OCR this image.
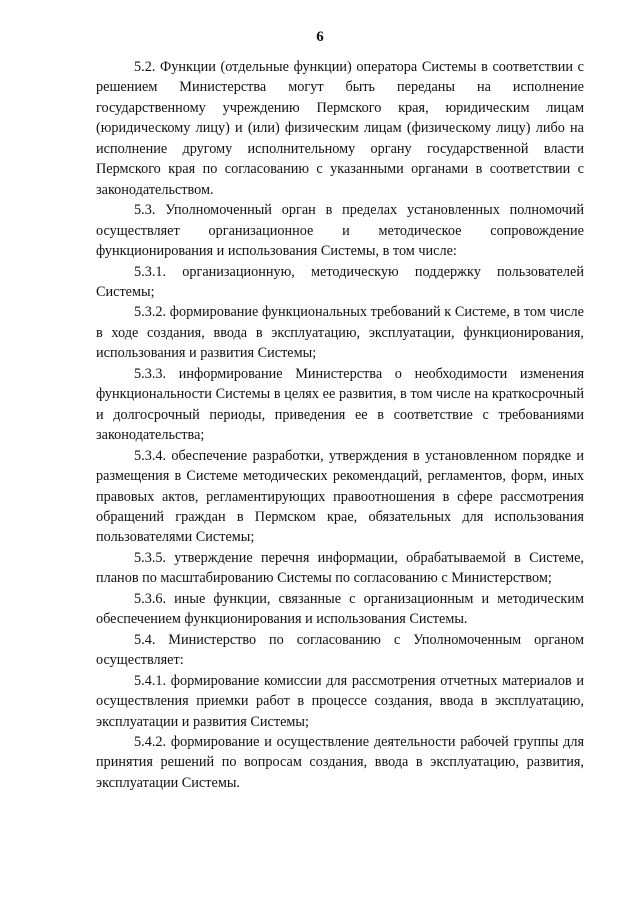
6

5.2. Функции (отдельные функции) оператора Системы в соответствии с решением Министерства могут быть переданы на исполнение государственному учреждению Пермского края, юридическим лицам (юридическому лицу) и (или) физическим лицам (физическому лицу) либо на исполнение другому исполнительному органу государственной власти Пермского края по согласованию с указанными органами в соответствии с законодательством.

5.3. Уполномоченный орган в пределах установленных полномочий осуществляет организационное и методическое сопровождение функционирования и использования Системы, в том числе:

5.3.1. организационную, методическую поддержку пользователей Системы;

5.3.2. формирование функциональных требований к Системе, в том числе в ходе создания, ввода в эксплуатацию, эксплуатации, функционирования, использования и развития Системы;

5.3.3. информирование Министерства о необходимости изменения функциональности Системы в целях ее развития, в том числе на краткосрочный и долгосрочный периоды, приведения ее в соответствие с требованиями законодательства;

5.3.4. обеспечение разработки, утверждения в установленном порядке и размещения в Системе методических рекомендаций, регламентов, форм, иных правовых актов, регламентирующих правоотношения в сфере рассмотрения обращений граждан в Пермском крае, обязательных для использования пользователями Системы;

5.3.5. утверждение перечня информации, обрабатываемой в Системе, планов по масштабированию Системы по согласованию с Министерством;

5.3.6. иные функции, связанные с организационным и методическим обеспечением функционирования и использования Системы.

5.4. Министерство по согласованию с Уполномоченным органом осуществляет:

5.4.1. формирование комиссии для рассмотрения отчетных материалов и осуществления приемки работ в процессе создания, ввода в эксплуатацию, эксплуатации и развития Системы;

5.4.2. формирование и осуществление деятельности рабочей группы для принятия решений по вопросам создания, ввода в эксплуатацию, развития, эксплуатации Системы.
